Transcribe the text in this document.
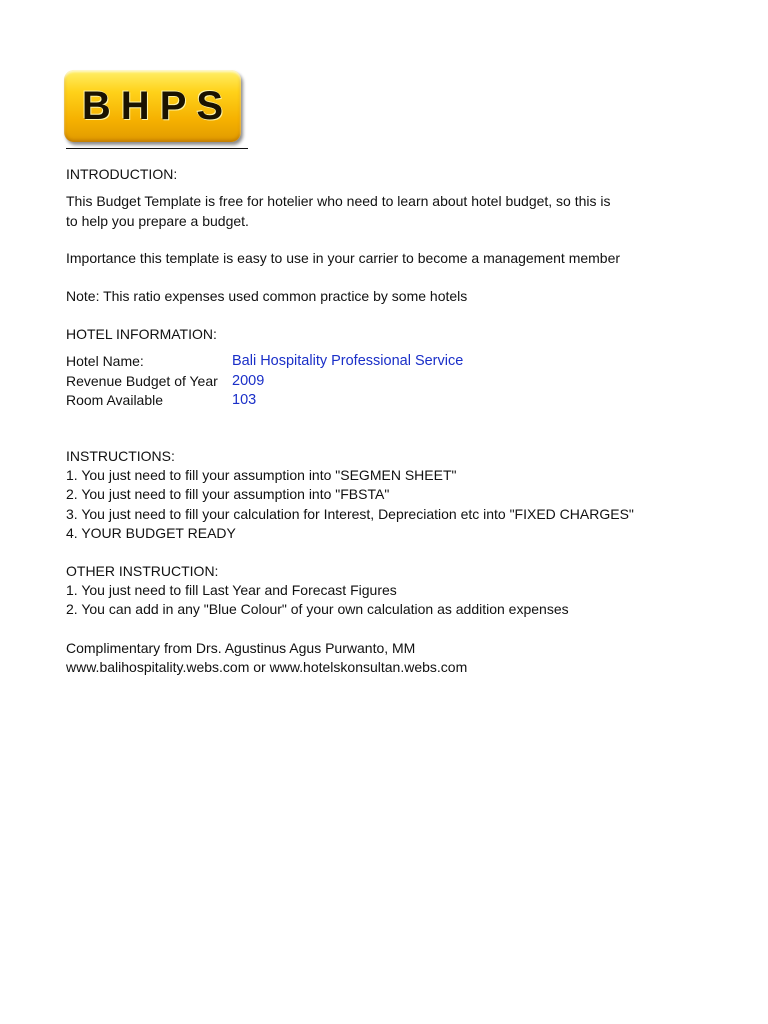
BHPS
INTRODUCTION:
This Budget Template is free for hotelier who need to learn about hotel budget, so this is
to help you prepare a budget.
Importance this template is easy to use in your carrier to become a management member
Note: This ratio expenses used common practice by some hotels
HOTEL INFORMATION:
Hotel Name:	Bali Hospitality Professional Service
Revenue Budget of Year 2009
Room Available	103
INSTRUCTIONS:
1. You just need to fill your assumption into "SEGMEN SHEET"
2. You just need to fill your assumption into "FBSTA"
3. You just need to fill your calculation for Interest, Depreciation etc into "FIXED CHARGES"
4. YOUR BUDGET READY
OTHER INSTRUCTION:
1. You just need to fill Last Year and Forecast Figures
2. You can add in any "Blue Colour" of your own calculation as addition expenses
Complimentary from Drs. Agustinus Agus Purwanto, MM
www.balihospitality.webs.com or www.hotelskonsultan.webs.com
